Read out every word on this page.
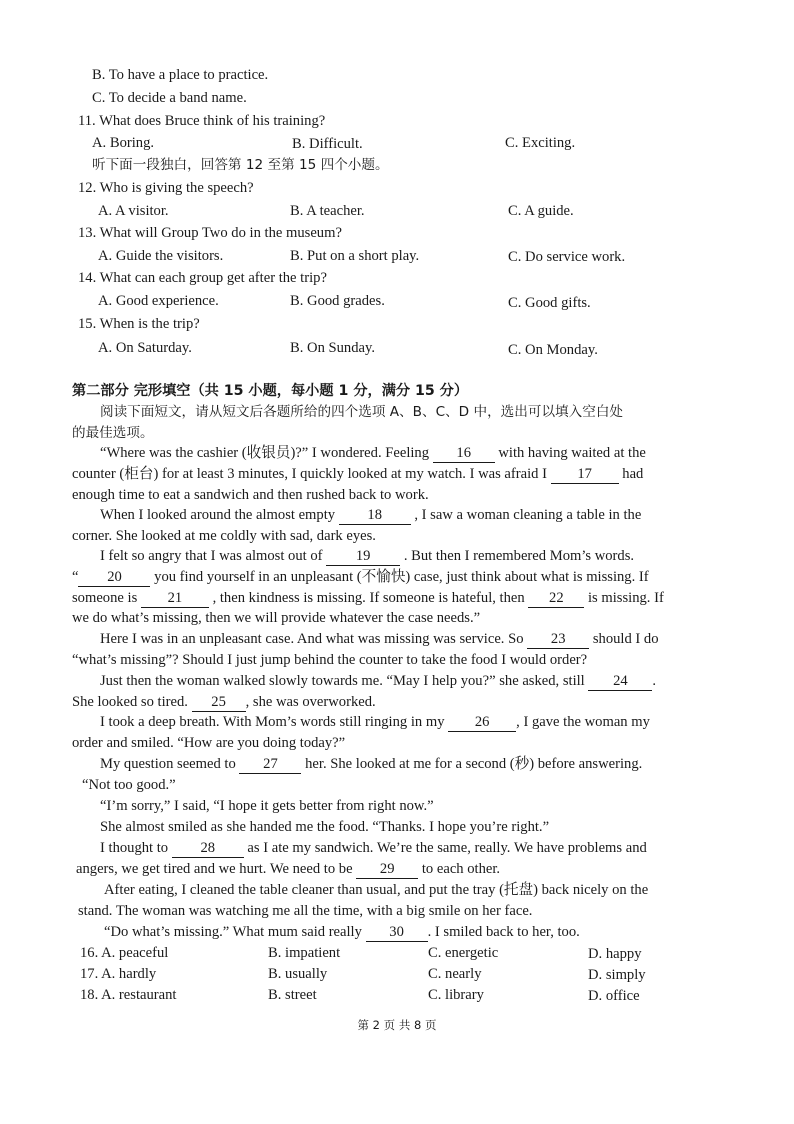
B. To have a place to practice.
C. To decide a band name.
11. What does Bruce think of his training?
A. Boring.	B. Difficult.	C. Exciting.
听下面一段独白，回答第 12 至第 15 四个小题。
12. Who is giving the speech?
A. A visitor.	B. A teacher.	C. A guide.
13. What will Group Two do in the museum?
A. Guide the visitors.	B. Put on a short play.	C. Do service work.
14. What can each group get after the trip?
A. Good experience.	B. Good grades.	C. Good gifts.
15. When is the trip?
A. On Saturday.	B. On Sunday.	C. On Monday.
第二部分 完形填空（共 15 小题，每小题 1 分，满分 15 分）
阅读下面短文，请从短文后各题所给的四个选项 A、B、C、D 中，选出可以填入空白处
的最佳选项。
“Where was the cashier (收银员)?” I wondered. Feeling 16 with having waited at the
counter (柜台) for at least 3 minutes, I quickly looked at my watch. I was afraid I 17 had
enough time to eat a sandwich and then rushed back to work.
When I looked around the almost empty 18 , I saw a woman cleaning a table in the
corner. She looked at me coldly with sad, dark eyes.
I felt so angry that I was almost out of 19 . But then I remembered Mom’s words.
“ 20 you find yourself in an unpleasant (不愉快) case, just think about what is missing. If
someone is 21 , then kindness is missing. If someone is hateful, then 22 is missing. If
we do what’s missing, then we will provide whatever the case needs.”
Here I was in an unpleasant case. And what was missing was service. So 23 should I do
“what’s missing”? Should I just jump behind the counter to take the food I would order?
Just then the woman walked slowly towards me. “May I help you?” she asked, still 24 .
She looked so tired. 25 , she was overworked.
I took a deep breath. With Mom’s words still ringing in my 26 , I gave the woman my
order and smiled. “How are you doing today?”
My question seemed to 27 her. She looked at me for a second (秒) before answering.
“Not too good.”
“I’m sorry,” I said, “I hope it gets better from right now.”
She almost smiled as she handed me the food. “Thanks. I hope you’re right.”
I thought to 28 as I ate my sandwich. We’re the same, really. We have problems and
angers, we get tired and we hurt. We need to be 29 to each other.
After eating, I cleaned the table cleaner than usual, and put the tray (托盘) back nicely on the
stand. The woman was watching me all the time, with a big smile on her face.
“Do what’s missing.” What mum said really 30 . I smiled back to her, too.
16. A. peaceful	B. impatient	C. energetic	D. happy
17. A. hardly	B. usually	C. nearly	D. simply
18. A. restaurant	B. street	C. library	D. office
第 2 页 共 8 页
